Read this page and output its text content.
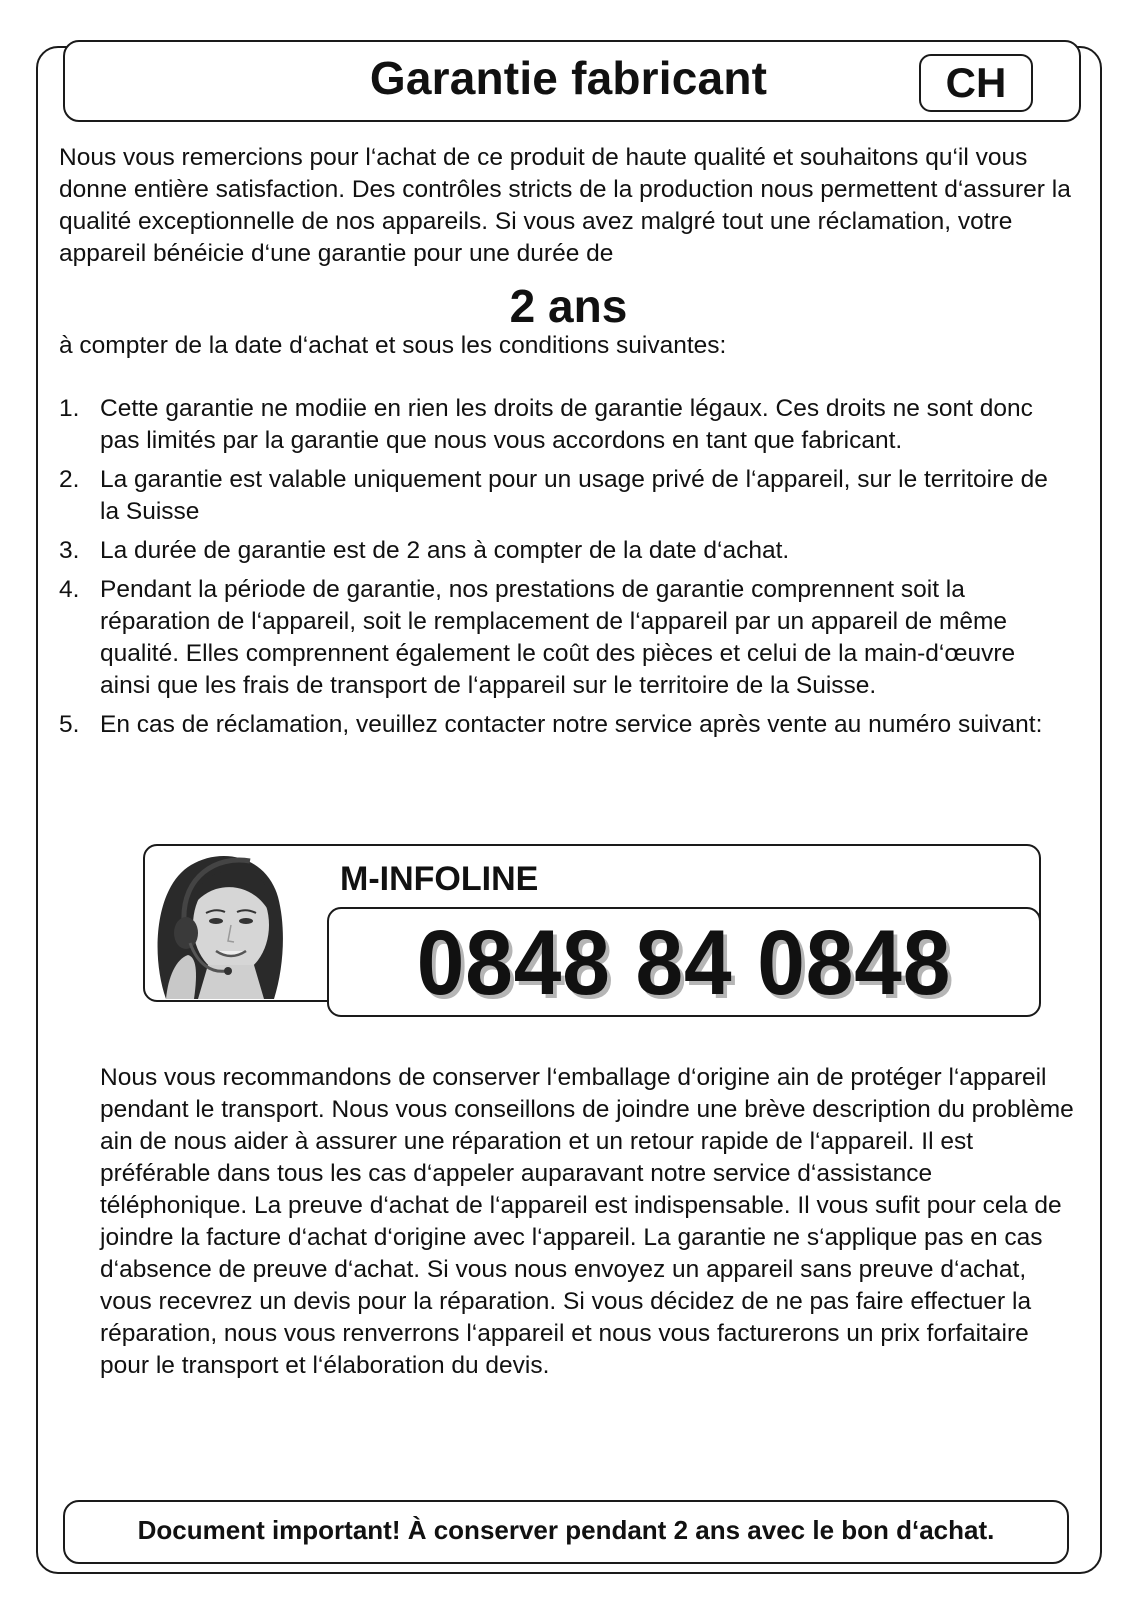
Garantie fabricant	CH

Nous vous remercions pour l‘achat de ce produit de haute qualité et souhaitons qu‘il vous donne entière satisfaction. Des contrôles stricts de la production nous permettent d‘assurer la qualité exceptionnelle de nos appareils. Si vous avez malgré tout une réclamation, votre appareil bénéicie d‘une garantie pour une durée de

2 ans

à compter de la date d‘achat et sous les conditions suivantes:

1. Cette garantie ne modiie en rien les droits de garantie légaux. Ces droits ne sont donc pas limités par la garantie que nous vous accordons en tant que fabricant.
2. La garantie est valable uniquement pour un usage privé de l‘appareil, sur le territoire de la Suisse
3. La durée de garantie est de 2 ans à compter de la date d‘achat.
4. Pendant la période de garantie, nos prestations de garantie comprennent soit la réparation de l‘appareil, soit le remplacement de l‘appareil par un appareil de même qualité. Elles comprennent également le coût des pièces et celui de la main-d‘œuvre ainsi que les frais de transport de l‘appareil sur le territoire de la Suisse.
5. En cas de réclamation, veuillez contacter notre service après vente au numéro suivant:
M-INFOLINE
0848 84 0848

Nous vous recommandons de conserver l‘emballage d‘origine ain de protéger l‘appareil pendant le transport. Nous vous conseillons de joindre une brève description du problème ain de nous aider à assurer une réparation et un retour rapide de l‘appareil. Il est préférable dans tous les cas d‘appeler auparavant notre service d‘assistance téléphonique. La preuve d‘achat de l‘appareil est indispensable. Il vous sufit pour cela de joindre la facture d‘achat d‘origine avec l‘appareil. La garantie ne s‘applique pas en cas d‘absence de preuve d‘achat. Si vous nous envoyez un appareil sans preuve d‘achat, vous recevrez un devis pour la réparation. Si vous décidez de ne pas faire effectuer la réparation, nous vous renverrons l‘appareil et nous vous facturerons un prix forfaitaire pour le transport et l‘élaboration du devis.

Document important! À conserver pendant 2 ans avec le bon d‘achat.
